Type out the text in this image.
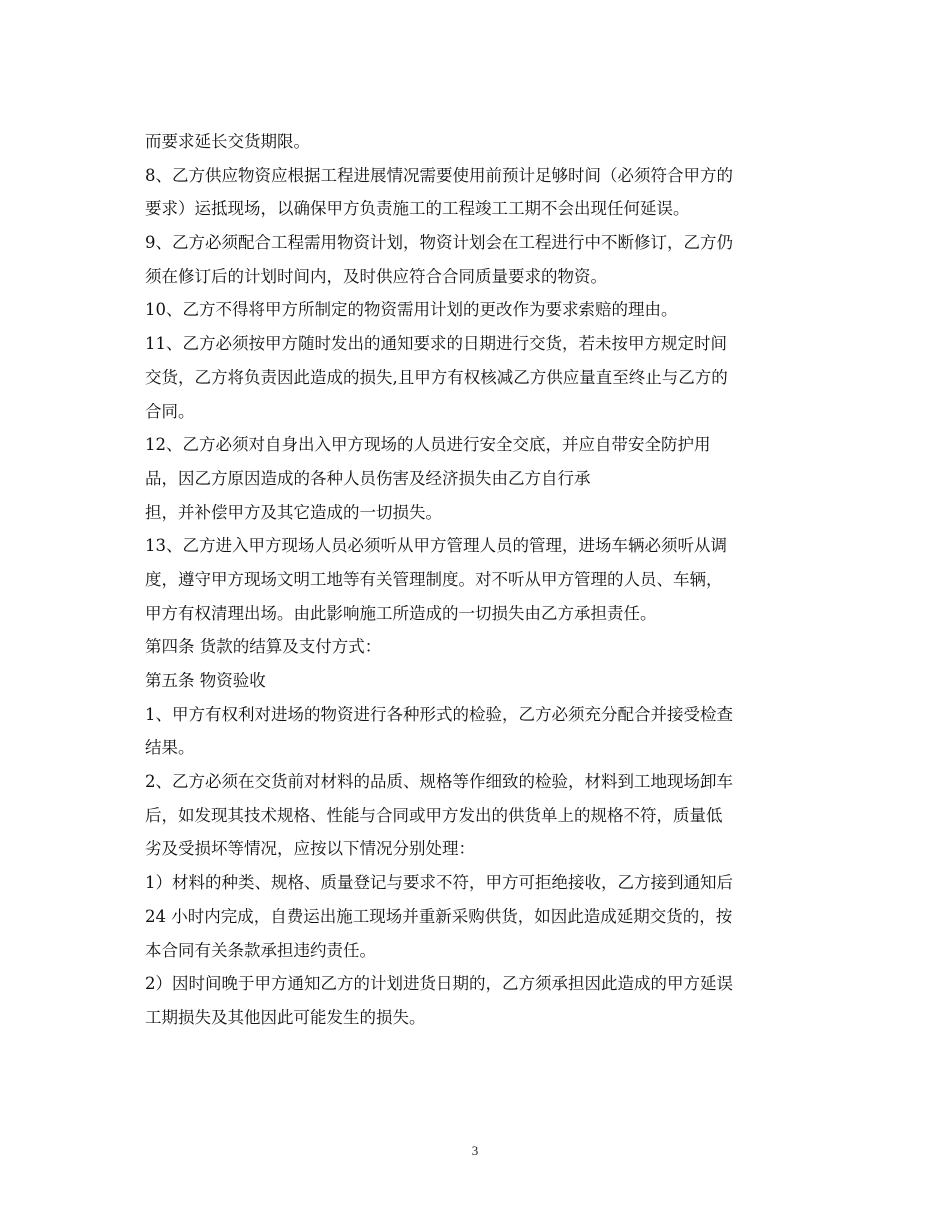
而要求延长交货期限。
8、乙方供应物资应根据工程进展情况需要使用前预计足够时间（必须符合甲方的
要求）运抵现场，以确保甲方负责施工的工程竣工工期不会出现任何延误。
9、乙方必须配合工程需用物资计划，物资计划会在工程进行中不断修订，乙方仍
须在修订后的计划时间内，及时供应符合合同质量要求的物资。
10、乙方不得将甲方所制定的物资需用计划的更改作为要求索赔的理由。
11、乙方必须按甲方随时发出的通知要求的日期进行交货，若未按甲方规定时间
交货，乙方将负责因此造成的损失,且甲方有权核减乙方供应量直至终止与乙方的
合同。
12、乙方必须对自身出入甲方现场的人员进行安全交底，并应自带安全防护用
品，因乙方原因造成的各种人员伤害及经济损失由乙方自行承
担，并补偿甲方及其它造成的一切损失。
13、乙方进入甲方现场人员必须听从甲方管理人员的管理，进场车辆必须听从调
度，遵守甲方现场文明工地等有关管理制度。对不听从甲方管理的人员、车辆，
甲方有权清理出场。由此影响施工所造成的一切损失由乙方承担责任。
第四条 货款的结算及支付方式：
第五条 物资验收
1、甲方有权利对进场的物资进行各种形式的检验，乙方必须充分配合并接受检查
结果。
2、乙方必须在交货前对材料的品质、规格等作细致的检验，材料到工地现场卸车
后，如发现其技术规格、性能与合同或甲方发出的供货单上的规格不符，质量低
劣及受损坏等情况，应按以下情况分别处理：
1）材料的种类、规格、质量登记与要求不符，甲方可拒绝接收，乙方接到通知后
24 小时内完成，自费运出施工现场并重新采购供货，如因此造成延期交货的，按
本合同有关条款承担违约责任。
2）因时间晚于甲方通知乙方的计划进货日期的，乙方须承担因此造成的甲方延误
工期损失及其他因此可能发生的损失。
3
